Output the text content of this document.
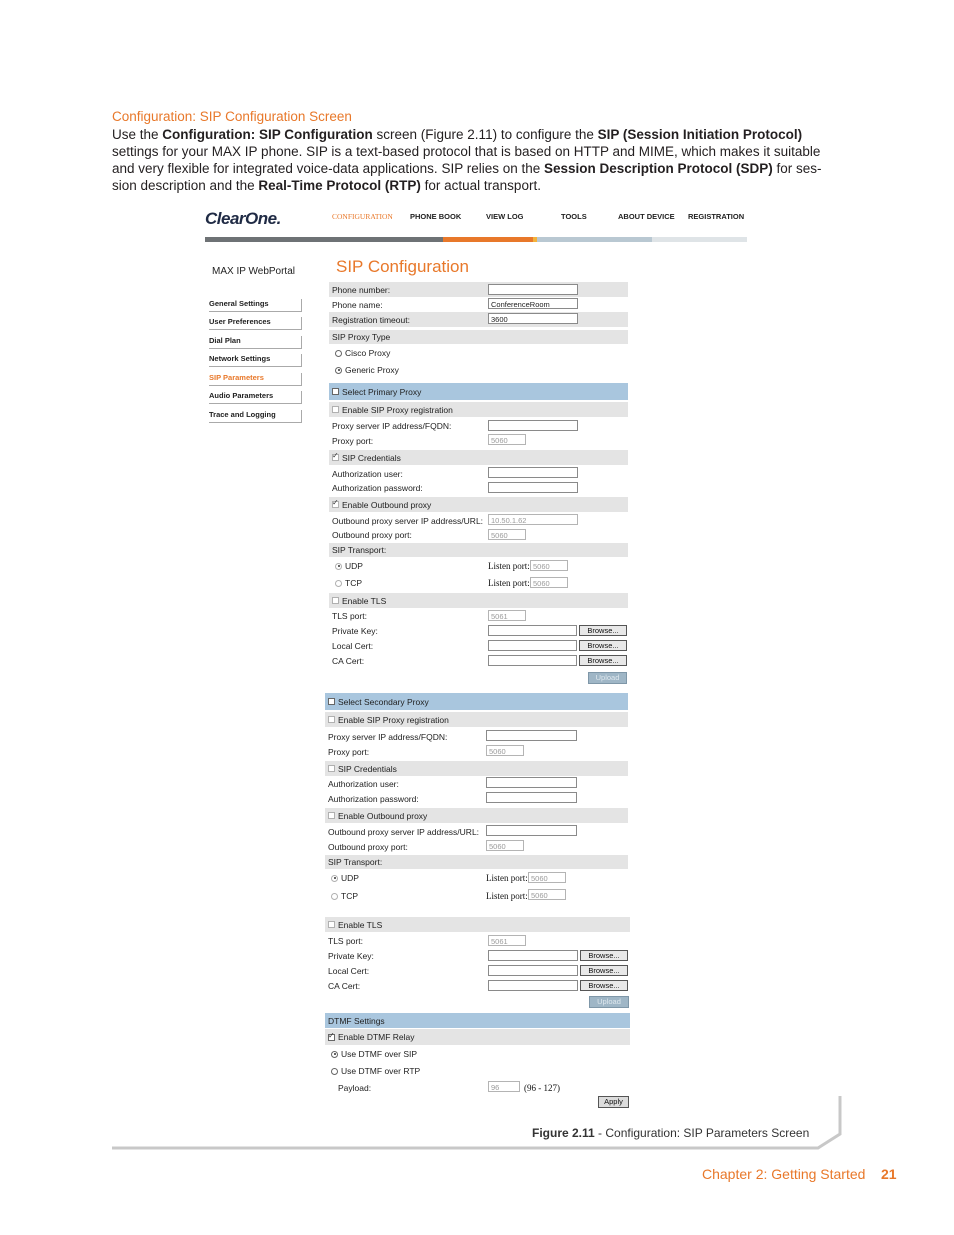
Configuration: SIP Configuration Screen
Use the Configuration: SIP Configuration screen (Figure 2.11) to configure the SIP (Session Initiation Protocol) settings for your MAX IP phone. SIP is a text-based protocol that is based on HTTP and MIME, which makes it suitable and very flexible for integrated voice-data applications. SIP relies on the Session Description Protocol (SDP) for ses-sion description and the Real-Time Protocol (RTP) for actual transport.
ClearOne.	CONFIGURATION PHONE BOOK	VIEW LOG	TOOLS	ABOUT DEVICE REGISTRATION
MAX IP WebPortal
General Settings
User Preferences
Dial Plan
Network Settings
SIP Parameters
Audio Parameters
Trace and Logging
SIP Configuration
Phone number:
Phone name:	ConferenceRoom
Registration timeout:	3600
SIP Proxy Type
Cisco Proxy
Generic Proxy
Select Primary Proxy
Enable SIP Proxy registration
Proxy server IP address/FQDN:
Proxy port:	5060
✓
SIP Credentials
Authorization user:
Authorization password:
✓
Enable Outbound proxy
Outbound proxy server IP address/URL:	10.50.1.62
Outbound proxy port:	5060
SIP Transport:
UDP	Listen port: 5060
TCP	Listen port: 5060
Enable TLS
TLS port:	5061
Private Key:	Browse...
Local Cert:	Browse...
CA Cert:	Browse...
Upload
Select Secondary Proxy
Enable SIP Proxy registration
Proxy server IP address/FQDN:
Proxy port:	5060
SIP Credentials
Authorization user:
Authorization password:
Enable Outbound proxy
Outbound proxy server IP address/URL:
Outbound proxy port:	5060
SIP Transport:
UDP	Listen port: 5060
TCP	Listen port: 5060
Enable TLS
TLS port:	5061
Private Key:	Browse...
Local Cert:	Browse...
CA Cert:	Browse...
Upload
DTMF Settings
✓
Enable DTMF Relay
Use DTMF over SIP
Use DTMF over RTP
Payload:	96	(96 - 127)
Apply
Figure 2.11 - Configuration: SIP Parameters Screen
Chapter 2: Getting Started 21
